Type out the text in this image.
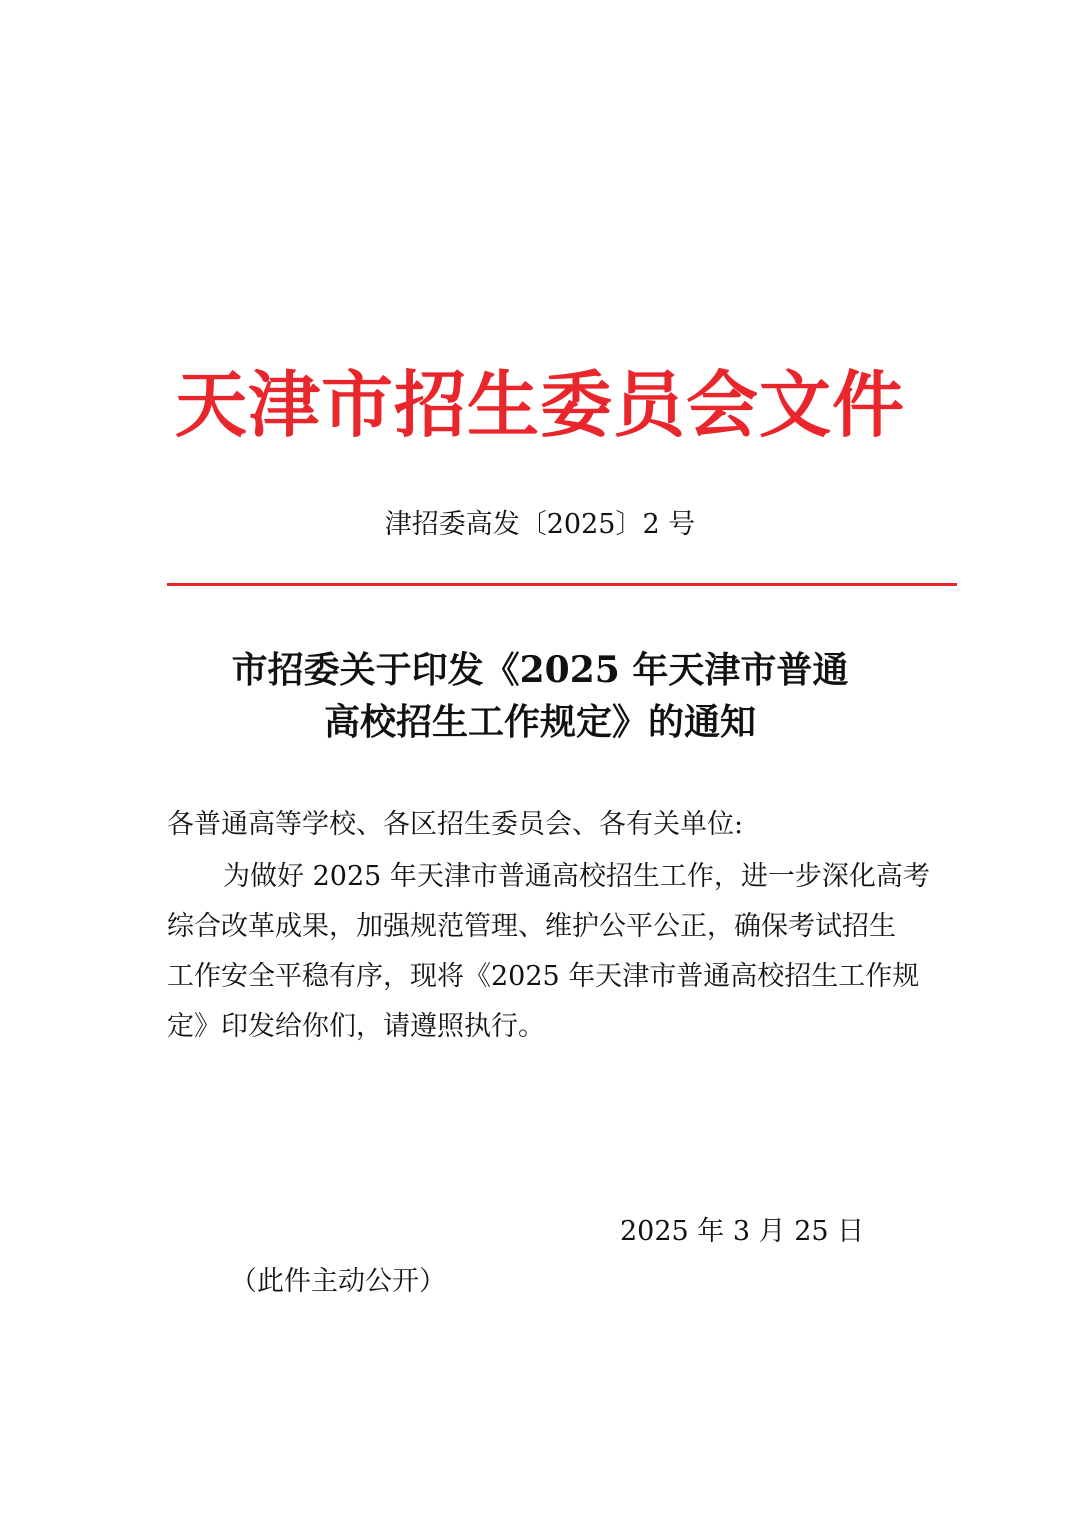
天津市招生委员会文件
津招委高发〔2025〕2 号
市招委关于印发《2025 年天津市普通
高校招生工作规定》的通知
各普通高等学校、各区招生委员会、各有关单位:
为做好 2025 年天津市普通高校招生工作，进一步深化高考
综合改革成果，加强规范管理、维护公平公正，确保考试招生
工作安全平稳有序，现将《2025 年天津市普通高校招生工作规
定》印发给你们，请遵照执行。
2025 年 3 月 25 日
（此件主动公开）
